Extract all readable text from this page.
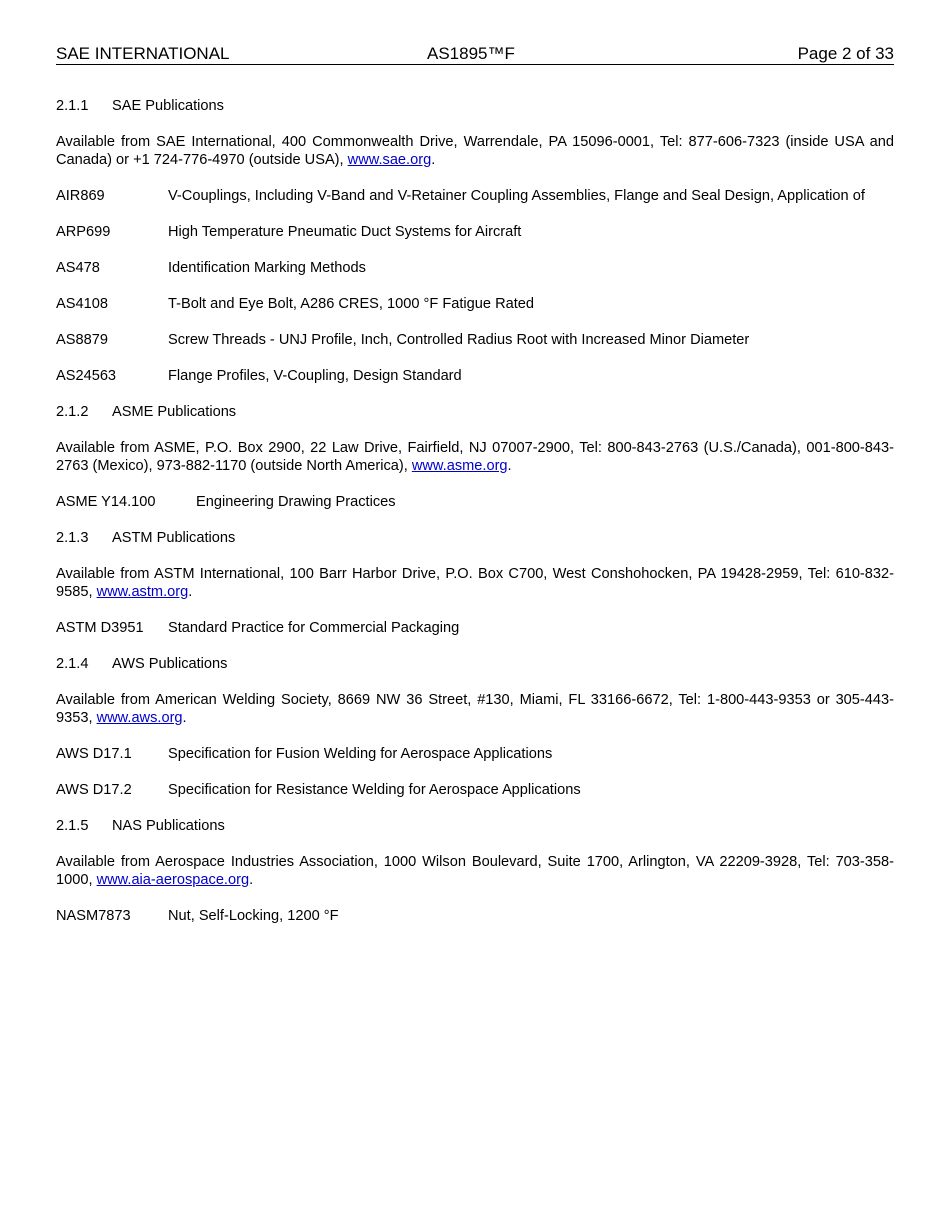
SAE INTERNATIONAL	AS1895™F	Page 2 of 33
2.1.1 SAE Publications
Available from SAE International, 400 Commonwealth Drive, Warrendale, PA 15096-0001, Tel: 877-606-7323 (inside USA and Canada) or +1 724-776-4970 (outside USA), www.sae.org.
AIR869	V-Couplings, Including V-Band and V-Retainer Coupling Assemblies, Flange and Seal Design, Application of
ARP699	High Temperature Pneumatic Duct Systems for Aircraft
AS478	Identification Marking Methods
AS4108	T-Bolt and Eye Bolt, A286 CRES, 1000 °F Fatigue Rated
AS8879	Screw Threads - UNJ Profile, Inch, Controlled Radius Root with Increased Minor Diameter
AS24563	Flange Profiles, V-Coupling, Design Standard
2.1.2 ASME Publications
Available from ASME, P.O. Box 2900, 22 Law Drive, Fairfield, NJ 07007-2900, Tel: 800-843-2763 (U.S./Canada), 001-800-843-2763 (Mexico), 973-882-1170 (outside North America), www.asme.org.
ASME Y14.100	Engineering Drawing Practices
2.1.3 ASTM Publications
Available from ASTM International, 100 Barr Harbor Drive, P.O. Box C700, West Conshohocken, PA 19428-2959, Tel: 610-832-9585, www.astm.org.
ASTM D3951	Standard Practice for Commercial Packaging
2.1.4 AWS Publications
Available from American Welding Society, 8669 NW 36 Street, #130, Miami, FL 33166-6672, Tel: 1-800-443-9353 or 305-443-9353, www.aws.org.
AWS D17.1	Specification for Fusion Welding for Aerospace Applications
AWS D17.2	Specification for Resistance Welding for Aerospace Applications
2.1.5 NAS Publications
Available from Aerospace Industries Association, 1000 Wilson Boulevard, Suite 1700, Arlington, VA 22209-3928, Tel: 703-358-1000, www.aia-aerospace.org.
NASM7873	Nut, Self-Locking, 1200 °F
